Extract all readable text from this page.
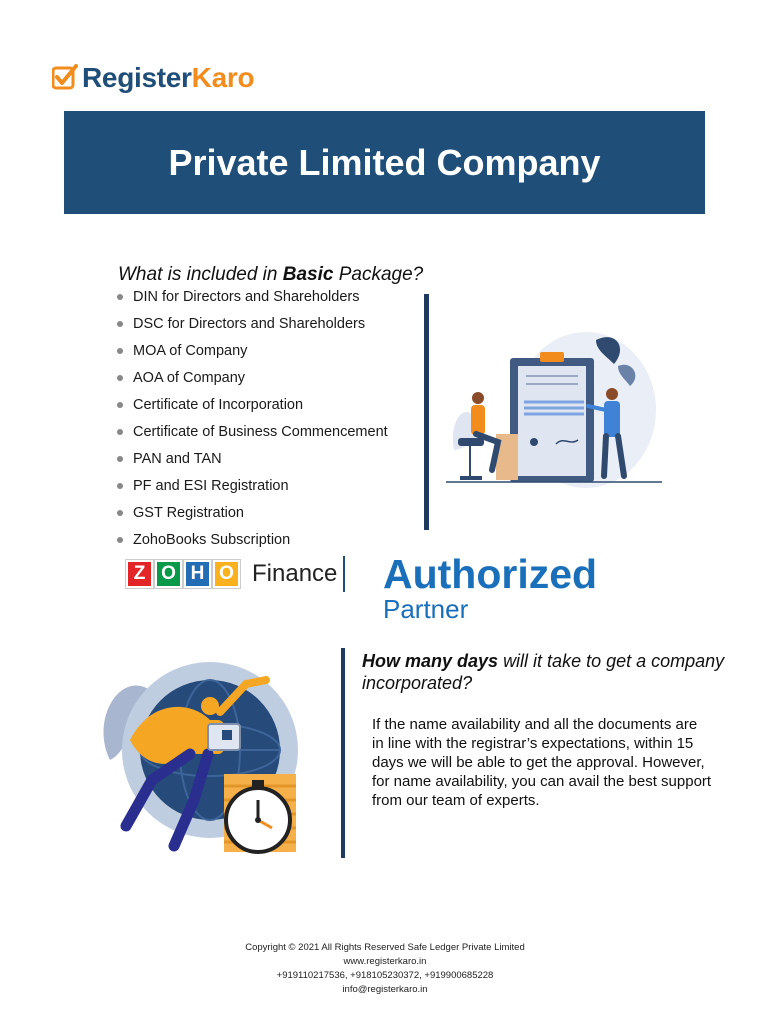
RegisterKaro
Private Limited Company
What is included in Basic Package?
DIN for Directors and Shareholders
DSC for Directors and Shareholders
MOA of Company
AOA of Company
Certificate of Incorporation
Certificate of Business Commencement
PAN and TAN
PF and ESI Registration
GST Registration
ZohoBooks Subscription
Z O H O Finance Authorized
Partner
How many days will it take to get a company incorporated?
If the name availability and all the documents are in line with the registrar’s expectations, within 15 days we will be able to get the approval. However, for name availability, you can avail the best support from our team of experts.
Copyright © 2021 All Rights Reserved Safe Ledger Private Limited
www.registerkaro.in
+919110217536, +918105230372, +919900685228
info@registerkaro.in
